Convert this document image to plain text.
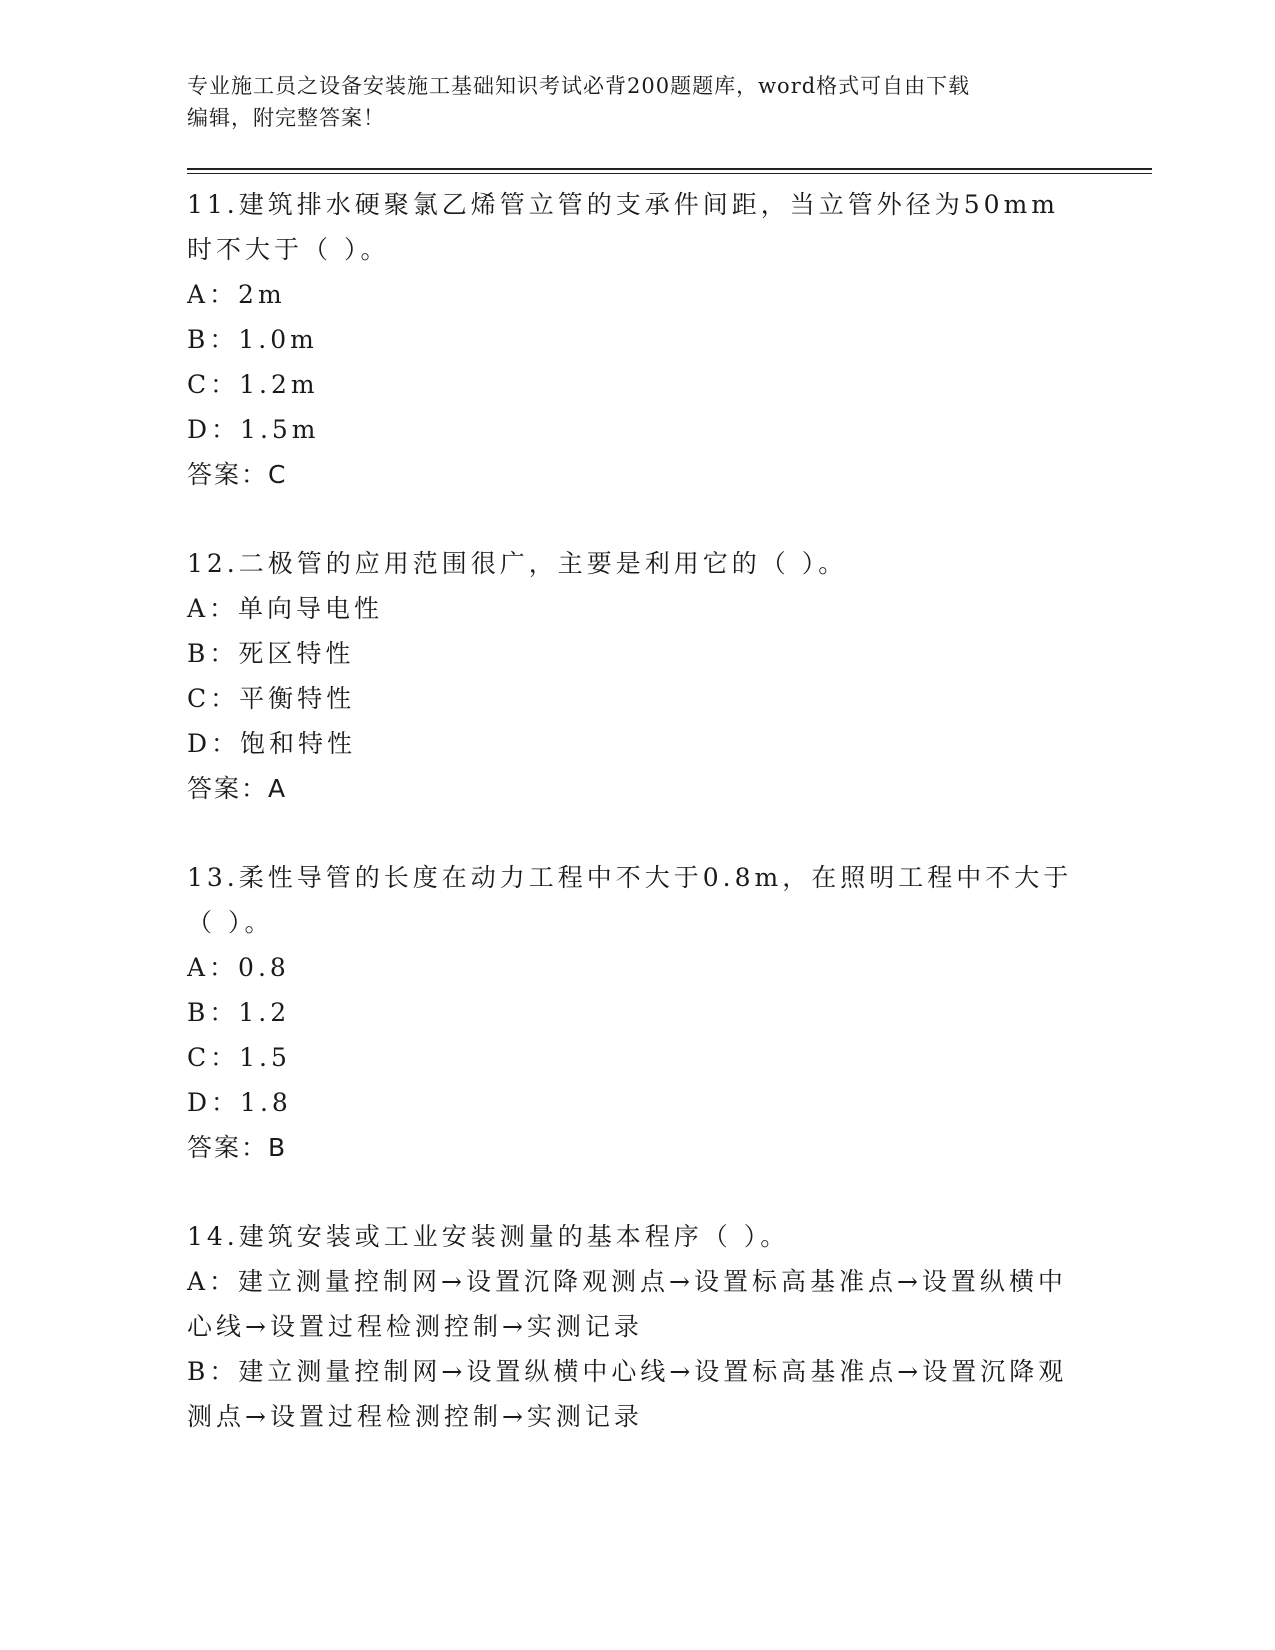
专业施工员之设备安装施工基础知识考试必背200题题库，word格式可自由下载
编辑，附完整答案！
11.建筑排水硬聚氯乙烯管立管的支承件间距，当立管外径为50mm时不大于（ ）。
A：2m
B：1.0m
C：1.2m
D：1.5m
答案：C
12.二极管的应用范围很广，主要是利用它的（ ）。
A：单向导电性
B：死区特性
C：平衡特性
D：饱和特性
答案：A
13.柔性导管的长度在动力工程中不大于0.8m，在照明工程中不大于（ ）。
A：0.8
B：1.2
C：1.5
D：1.8
答案：B
14.建筑安装或工业安装测量的基本程序（ ）。
A：建立测量控制网→设置沉降观测点→设置标高基准点→设置纵横中心线→设置过程检测控制→实测记录
B：建立测量控制网→设置纵横中心线→设置标高基准点→设置沉降观测点→设置过程检测控制→实测记录
